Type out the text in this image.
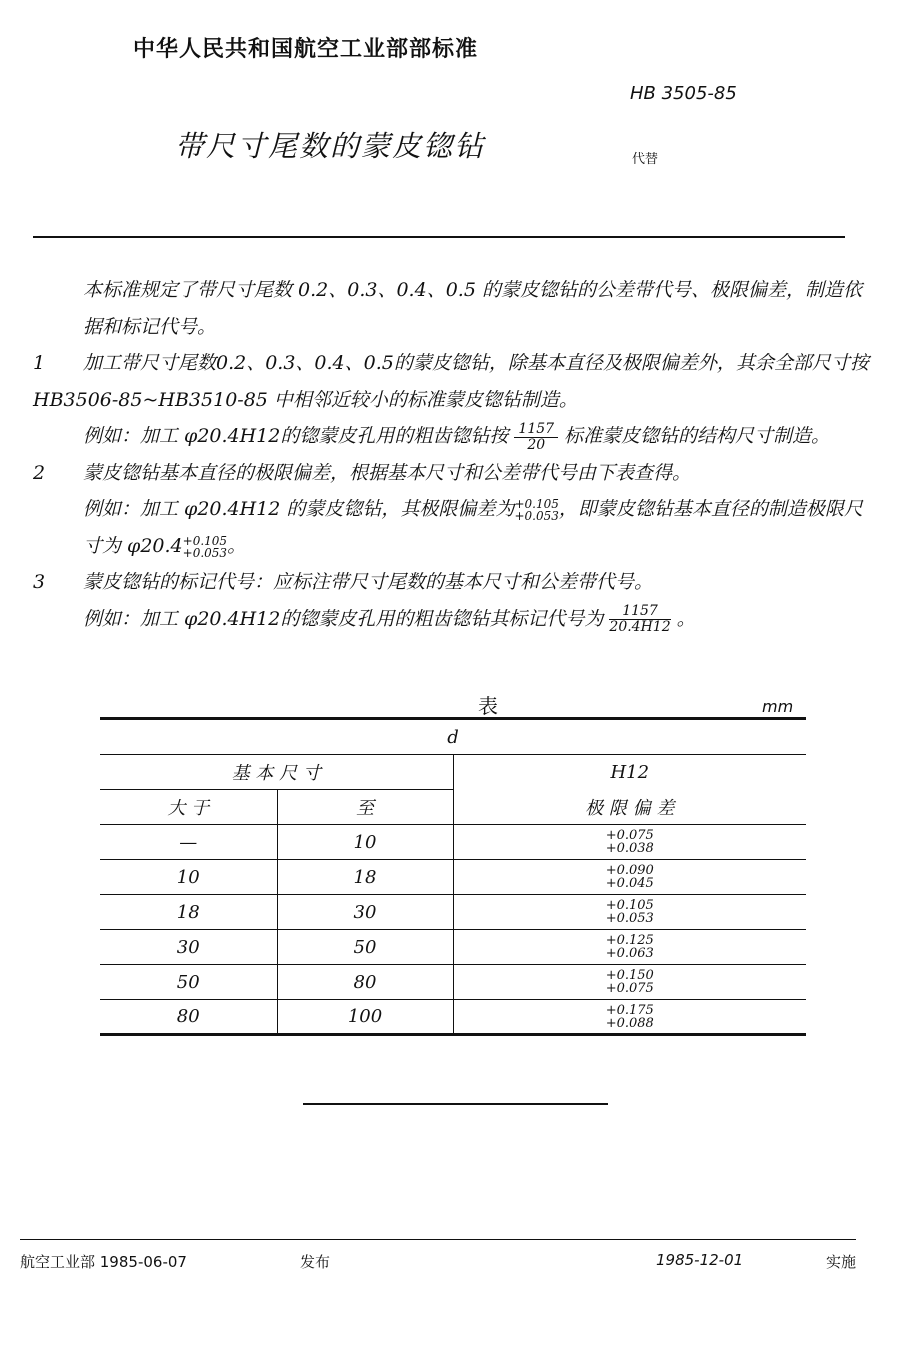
中华人民共和国航空工业部部标准
HB 3505-85
带尺寸尾数的蒙皮锪钻	代替

本标准规定了带尺寸尾数 0.2、0.3、0.4、0.5 的蒙皮锪钻的公差带代号、极限偏差，制造依据和标记代号。

1 加工带尺寸尾数0.2、0.3、0.4、0.5的蒙皮锪钻，除基本直径及极限偏差外，其余全部尺寸按 HB3506-85~HB3510-85 中相邻近较小的标准蒙皮锪钻制造。

例如：加工 φ20.4H12的锪蒙皮孔用的粗齿锪钻按 $\frac{1157}{20}$ 标准蒙皮锪钻的结构尺寸制造。

2 蒙皮锪钻基本直径的极限偏差，根据基本尺寸和公差带代号由下表查得。

例如：加工 φ20.4H12 的蒙皮锪钻，其极限偏差为 +0.105
+0.053 ，即蒙皮锪钻基本直径的制造极限尺寸为 φ20.4 +0.105
+0.053 。

3 蒙皮锪钻的标记代号：应标注带尺寸尾数的基本尺寸和公差带代号。

例如：加工 φ20.4H12的锪蒙皮孔用的粗齿锪钻其标记代号为 $\frac{1157}{20.4H12}$ 。

表	mm
d		
基 本 尺 寸		H12
大 于	至	极 限 偏 差
—	10	+0.075
+0.038

10	18	+0.090
+0.045

18	30	+0.105
+0.053

30	50	+0.125
+0.063

50	80	+0.150
+0.075

80	100	+0.175
+0.088
航空工业部 1985-06-07	发布	1985-12-01	实施
